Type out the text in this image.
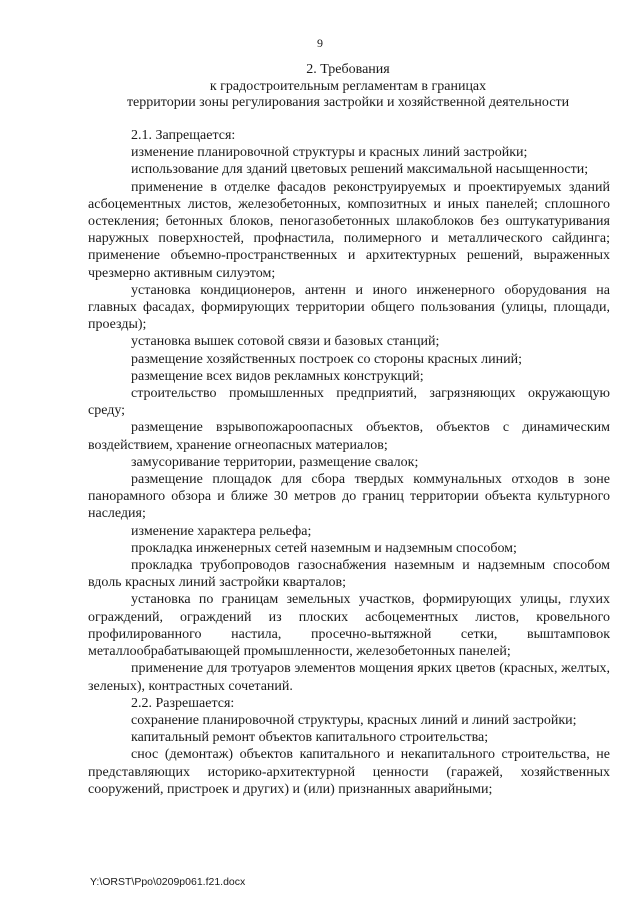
9
2. Требования
к градостроительным регламентам в границах
территории зоны регулирования застройки и хозяйственной деятельности

2.1. Запрещается:

изменение планировочной структуры и красных линий застройки;

использование для зданий цветовых решений максимальной насыщенности;

применение в отделке фасадов реконструируемых и проектируемых зданий асбоцементных листов, железобетонных, композитных и иных панелей; сплошного остекления; бетонных блоков, пеногазобетонных шлакоблоков без оштукатуривания наружных поверхностей, профнастила, полимерного и металлического сайдинга; применение объемно-пространственных и архитектурных решений, выраженных чрезмерно активным силуэтом;

установка кондиционеров, антенн и иного инженерного оборудования на главных фасадах, формирующих территории общего пользования (улицы, площади, проезды);

установка вышек сотовой связи и базовых станций;

размещение хозяйственных построек со стороны красных линий;

размещение всех видов рекламных конструкций;

строительство промышленных предприятий, загрязняющих окружающую среду;

размещение взрывопожароопасных объектов, объектов с динамическим воздействием, хранение огнеопасных материалов;

замусоривание территории, размещение свалок;

размещение площадок для сбора твердых коммунальных отходов в зоне панорамного обзора и ближе 30 метров до границ территории объекта культурного наследия;

изменение характера рельефа;

прокладка инженерных сетей наземным и надземным способом;

прокладка трубопроводов газоснабжения наземным и надземным способом вдоль красных линий застройки кварталов;

установка по границам земельных участков, формирующих улицы, глухих ограждений, ограждений из плоских асбоцементных листов, кровельного профилированного настила, просечно-вытяжной сетки, выштамповок металлообрабатывающей промышленности, железобетонных панелей;

применение для тротуаров элементов мощения ярких цветов (красных, желтых, зеленых), контрастных сочетаний.

2.2. Разрешается:

сохранение планировочной структуры, красных линий и линий застройки;

капитальный ремонт объектов капитального строительства;

снос (демонтаж) объектов капитального и некапитального строительства, не представляющих историко-архитектурной ценности (гаражей, хозяйственных сооружений, пристроек и других) и (или) признанных аварийными;

Y:\ORST\Ppo\0209p061.f21.docx
